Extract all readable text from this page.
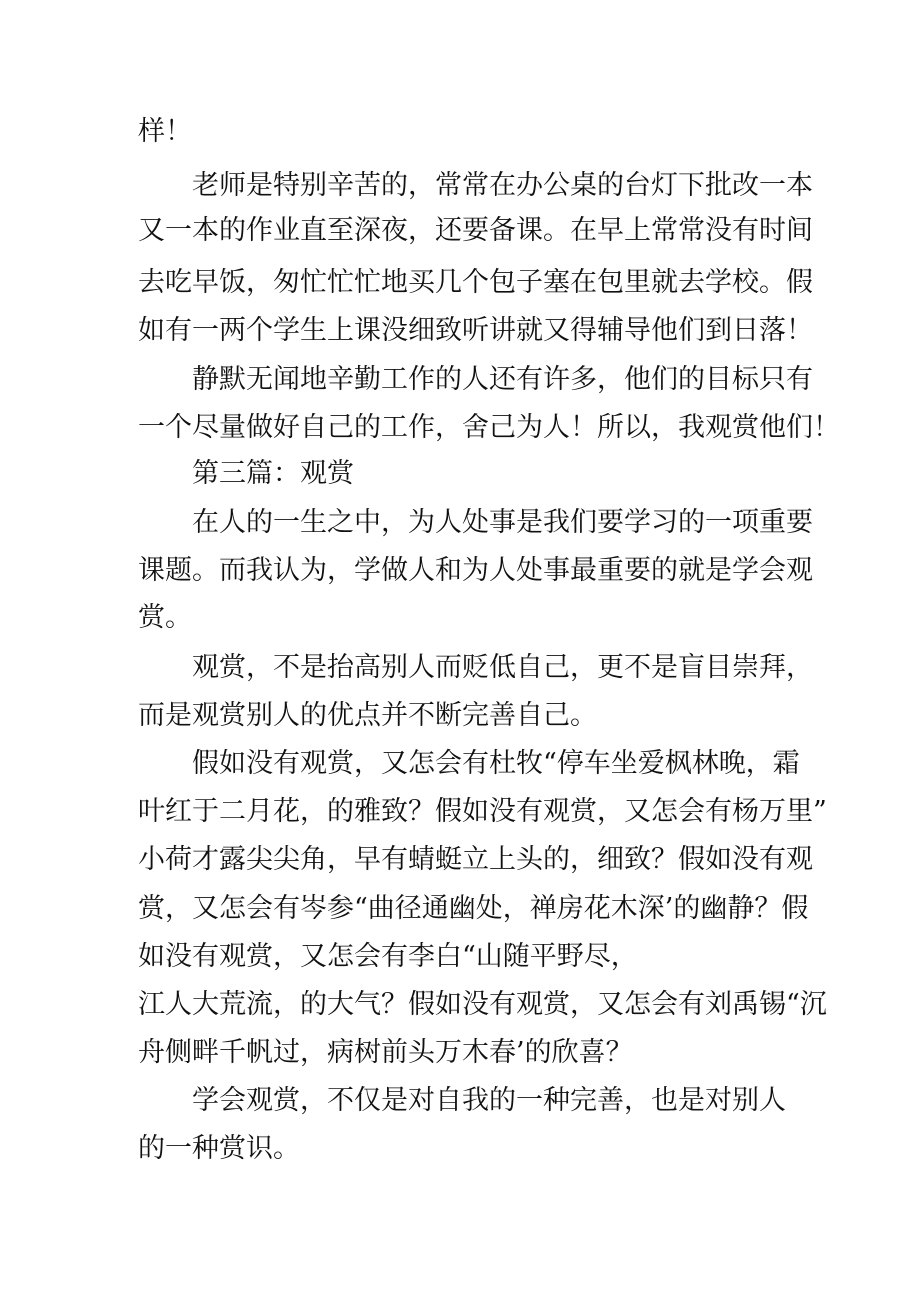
样！
老师是特别辛苦的，常常在办公桌的台灯下批改一本
又一本的作业直至深夜，还要备课。在早上常常没有时间
去吃早饭，匆忙忙忙地买几个包子塞在包里就去学校。假
如有一两个学生上课没细致听讲就又得辅导他们到日落！
静默无闻地辛勤工作的人还有许多，他们的目标只有
一个尽量做好自己的工作，舍己为人！所以，我观赏他们！
第三篇：观赏
在人的一生之中，为人处事是我们要学习的一项重要
课题。而我认为，学做人和为人处事最重要的就是学会观
赏。
观赏，不是抬高别人而贬低自己，更不是盲目崇拜，
而是观赏别人的优点并不断完善自己。
假如没有观赏，又怎会有杜牧“停车坐爱枫林晚，霜
叶红于二月花，的雅致？假如没有观赏，又怎会有杨万里”
小荷才露尖尖角，早有蜻蜓立上头的，细致？假如没有观
赏，又怎会有岑参“曲径通幽处，禅房花木深’的幽静？假
如没有观赏，又怎会有李白“山随平野尽，
江人大荒流，的大气？假如没有观赏，又怎会有刘禹锡“沉
舟侧畔千帆过，病树前头万木春’的欣喜？
学会观赏，不仅是对自我的一种完善，也是对别人
的一种赏识。
